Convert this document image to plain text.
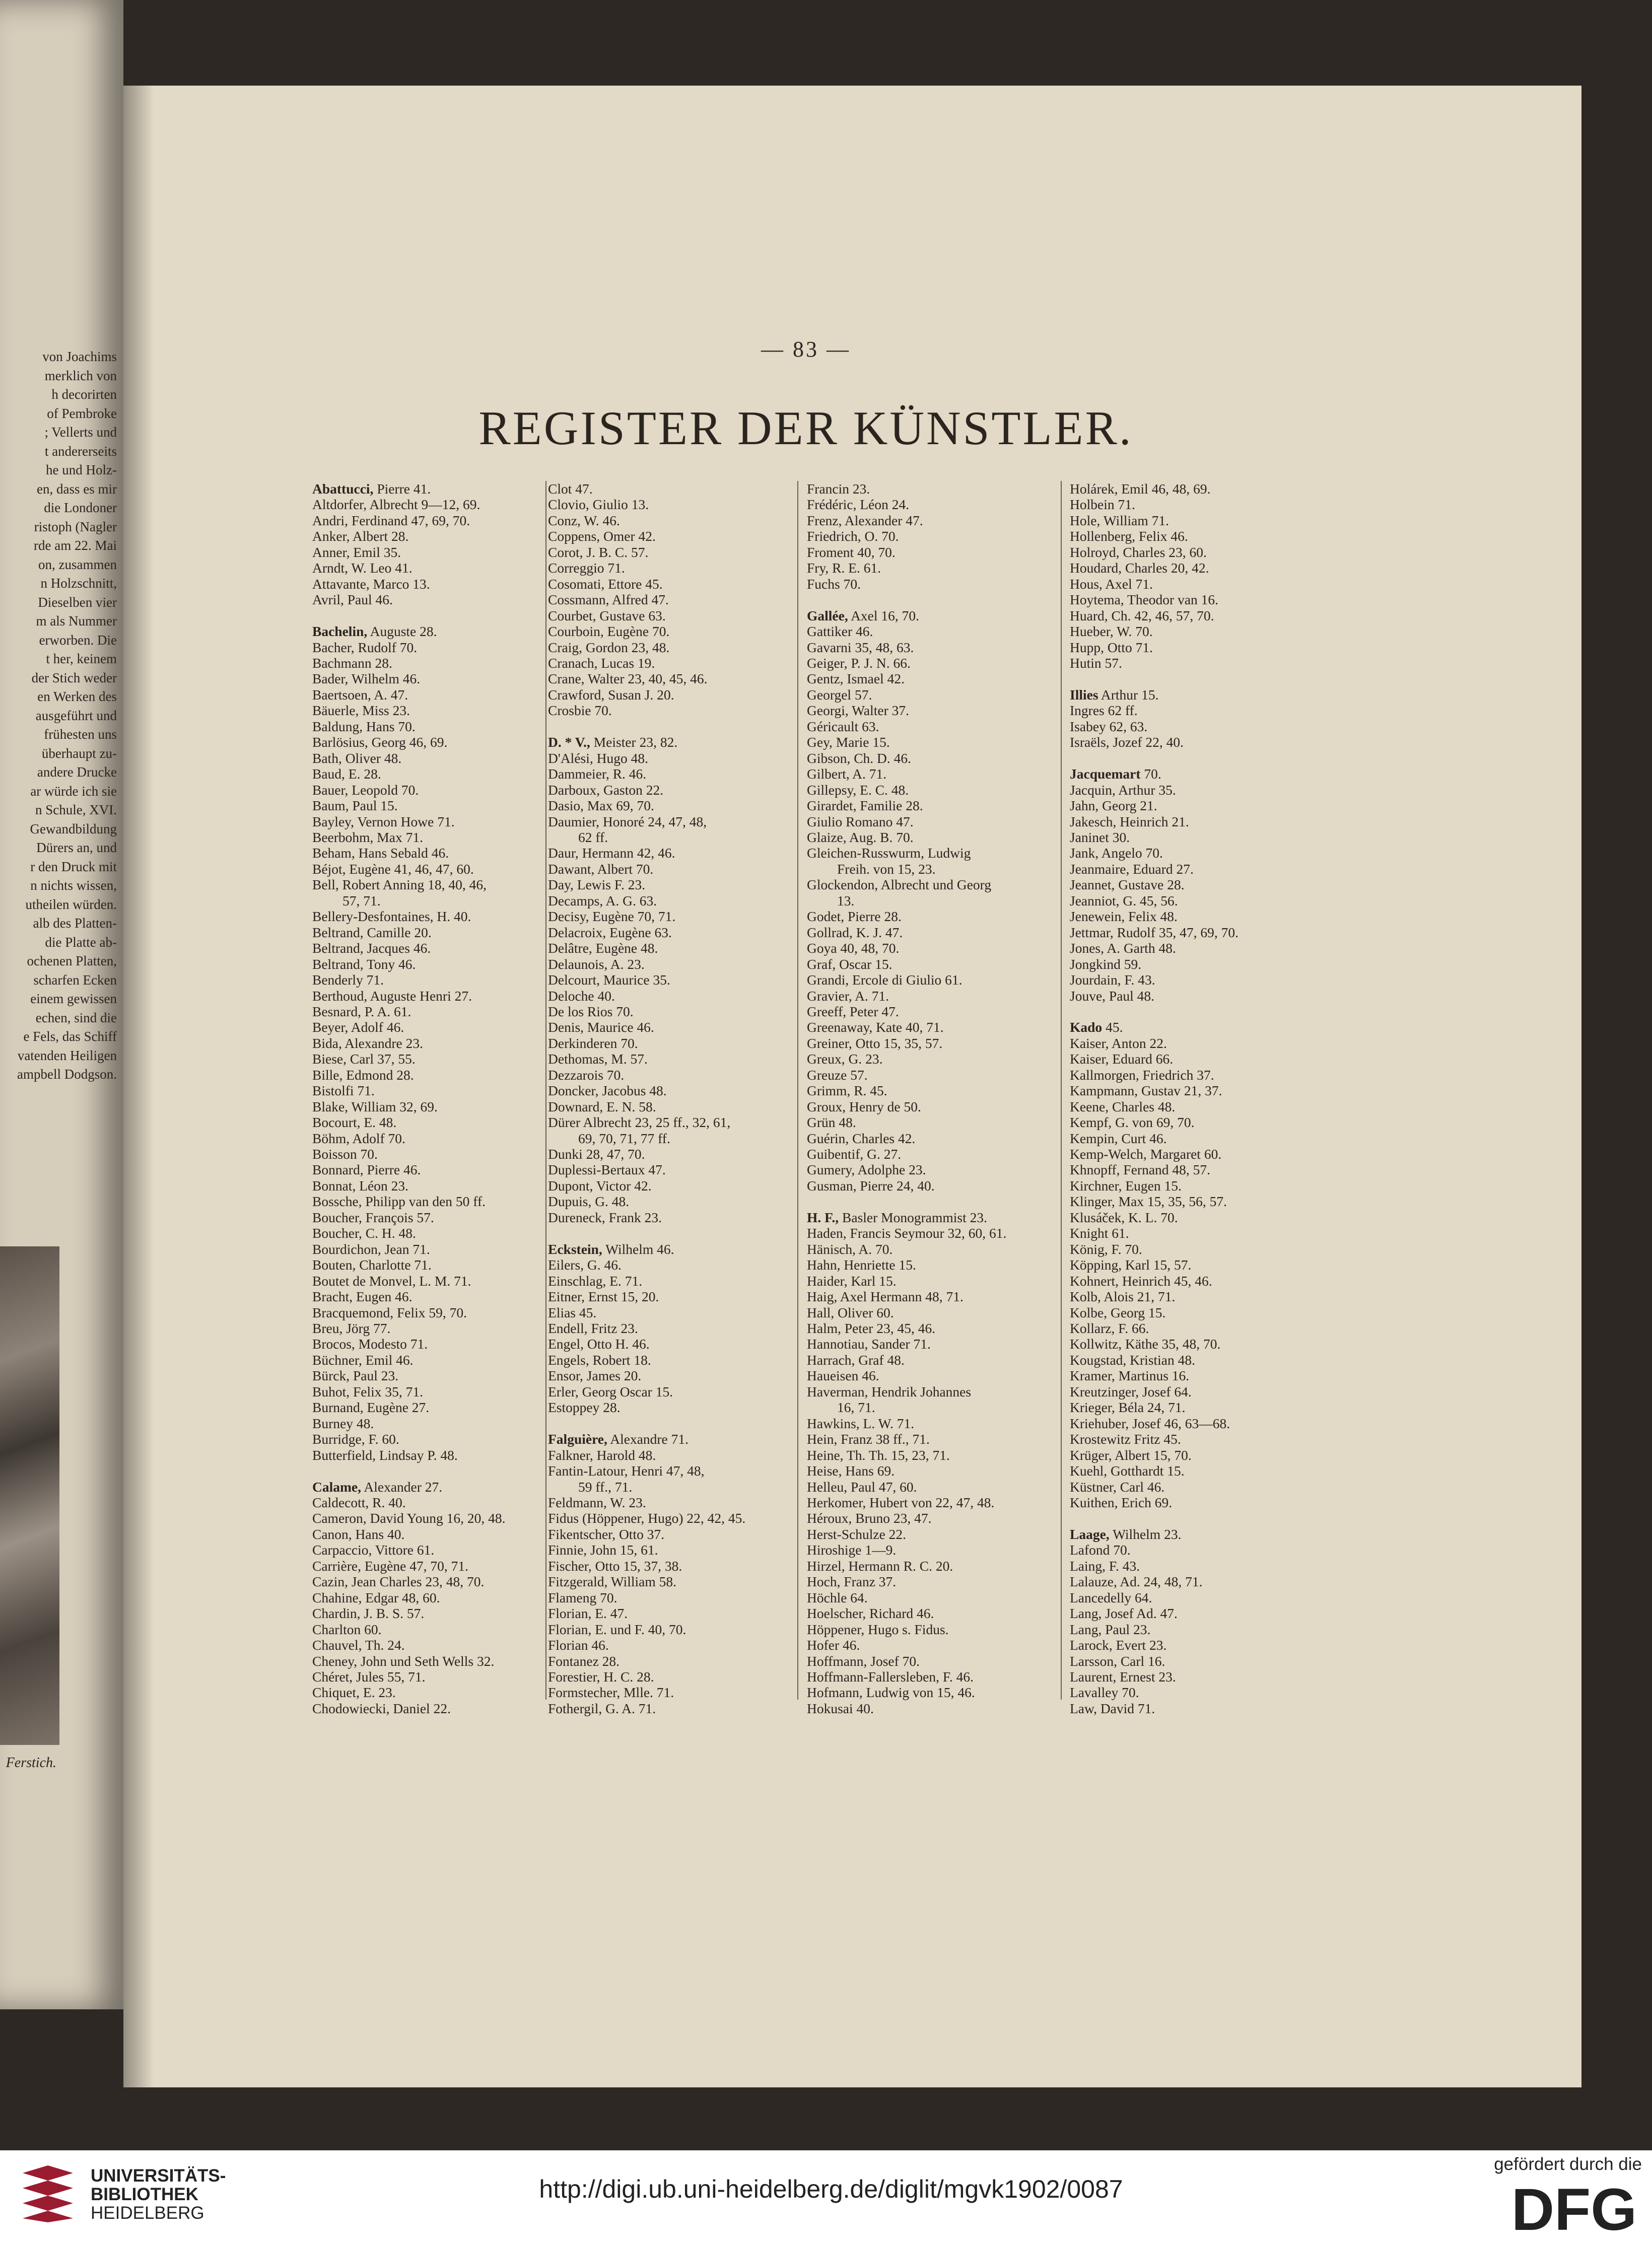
von Joachims
merklich von
h decorirten
of Pembroke
; Vellerts und
t andererseits
he und Holz-
en, dass es mir
die Londoner
ristoph (Nagler
rde am 22. Mai
on, zusammen
n Holzschnitt,
Dieselben vier
m als Nummer
erworben. Die
t her, keinem
der Stich weder
en Werken des
ausgeführt und
frühesten uns
überhaupt zu-
andere Drucke
ar würde ich sie
n Schule, XVI.
Gewandbildung
Dürers an, und
r den Druck mit
n nichts wissen,
utheilen würden.
alb des Platten-
die Platte ab-
ochenen Platten,
scharfen Ecken
einem gewissen
echen, sind die
e Fels, das Schiff
vatenden Heiligen
ampbell Dodgson.
Ferstich.
— 83 —
REGISTER DER KÜNSTLER.
Abattucci, Pierre 41.
Altdorfer, Albrecht 9—12, 69.
Andri, Ferdinand 47, 69, 70.
Anker, Albert 28.
Anner, Emil 35.
Arndt, W. Leo 41.
Attavante, Marco 13.
Avril, Paul 46.

Bachelin, Auguste 28.
Bacher, Rudolf 70.
Bachmann 28.
Bader, Wilhelm 46.
Baertsoen, A. 47.
Bäuerle, Miss 23.
Baldung, Hans 70.
Barlösius, Georg 46, 69.
Bath, Oliver 48.
Baud, E. 28.
Bauer, Leopold 70.
Baum, Paul 15.
Bayley, Vernon Howe 71.
Beerbohm, Max 71.
Beham, Hans Sebald 46.
Béjot, Eugène 41, 46, 47, 60.
Bell, Robert Anning 18, 40, 46,
57, 71.
Bellery-Desfontaines, H. 40.
Beltrand, Camille 20.
Beltrand, Jacques 46.
Beltrand, Tony 46.
Benderly 71.
Berthoud, Auguste Henri 27.
Besnard, P. A. 61.
Beyer, Adolf 46.
Bida, Alexandre 23.
Biese, Carl 37, 55.
Bille, Edmond 28.
Bistolfi 71.
Blake, William 32, 69.
Bocourt, E. 48.
Böhm, Adolf 70.
Boisson 70.
Bonnard, Pierre 46.
Bonnat, Léon 23.
Bossche, Philipp van den 50 ff.
Boucher, François 57.
Boucher, C. H. 48.
Bourdichon, Jean 71.
Bouten, Charlotte 71.
Boutet de Monvel, L. M. 71.
Bracht, Eugen 46.
Bracquemond, Felix 59, 70.
Breu, Jörg 77.
Brocos, Modesto 71.
Büchner, Emil 46.
Bürck, Paul 23.
Buhot, Felix 35, 71.
Burnand, Eugène 27.
Burney 48.
Burridge, F. 60.
Butterfield, Lindsay P. 48.

Calame, Alexander 27.
Caldecott, R. 40.
Cameron, David Young 16, 20, 48.
Canon, Hans 40.
Carpaccio, Vittore 61.
Carrière, Eugène 47, 70, 71.
Cazin, Jean Charles 23, 48, 70.
Chahine, Edgar 48, 60.
Chardin, J. B. S. 57.
Charlton 60.
Chauvel, Th. 24.
Cheney, John und Seth Wells 32.
Chéret, Jules 55, 71.
Chiquet, E. 23.
Chodowiecki, Daniel 22.
Clot 47.
Clovio, Giulio 13.
Conz, W. 46.
Coppens, Omer 42.
Corot, J. B. C. 57.
Correggio 71.
Cosomati, Ettore 45.
Cossmann, Alfred 47.
Courbet, Gustave 63.
Courboin, Eugène 70.
Craig, Gordon 23, 48.
Cranach, Lucas 19.
Crane, Walter 23, 40, 45, 46.
Crawford, Susan J. 20.
Crosbie 70.

D. * V., Meister 23, 82.
D'Alési, Hugo 48.
Dammeier, R. 46.
Darboux, Gaston 22.
Dasio, Max 69, 70.
Daumier, Honoré 24, 47, 48,
62 ff.
Daur, Hermann 42, 46.
Dawant, Albert 70.
Day, Lewis F. 23.
Decamps, A. G. 63.
Decisy, Eugène 70, 71.
Delacroix, Eugène 63.
Delâtre, Eugène 48.
Delaunois, A. 23.
Delcourt, Maurice 35.
Deloche 40.
De los Rios 70.
Denis, Maurice 46.
Derkinderen 70.
Dethomas, M. 57.
Dezzarois 70.
Doncker, Jacobus 48.
Downard, E. N. 58.
Dürer Albrecht 23, 25 ff., 32, 61,
69, 70, 71, 77 ff.
Dunki 28, 47, 70.
Duplessi-Bertaux 47.
Dupont, Victor 42.
Dupuis, G. 48.
Dureneck, Frank 23.

Eckstein, Wilhelm 46.
Eilers, G. 46.
Einschlag, E. 71.
Eitner, Ernst 15, 20.
Elias 45.
Endell, Fritz 23.
Engel, Otto H. 46.
Engels, Robert 18.
Ensor, James 20.
Erler, Georg Oscar 15.
Estoppey 28.

Falguière, Alexandre 71.
Falkner, Harold 48.
Fantin-Latour, Henri 47, 48,
59 ff., 71.
Feldmann, W. 23.
Fidus (Höppener, Hugo) 22, 42, 45.
Fikentscher, Otto 37.
Finnie, John 15, 61.
Fischer, Otto 15, 37, 38.
Fitzgerald, William 58.
Flameng 70.
Florian, E. 47.
Florian, E. und F. 40, 70.
Florian 46.
Fontanez 28.
Forestier, H. C. 28.
Formstecher, Mlle. 71.
Fothergil, G. A. 71.
Francin 23.
Frédéric, Léon 24.
Frenz, Alexander 47.
Friedrich, O. 70.
Froment 40, 70.
Fry, R. E. 61.
Fuchs 70.

Gallée, Axel 16, 70.
Gattiker 46.
Gavarni 35, 48, 63.
Geiger, P. J. N. 66.
Gentz, Ismael 42.
Georgel 57.
Georgi, Walter 37.
Géricault 63.
Gey, Marie 15.
Gibson, Ch. D. 46.
Gilbert, A. 71.
Gillepsy, E. C. 48.
Girardet, Familie 28.
Giulio Romano 47.
Glaize, Aug. B. 70.
Gleichen-Russwurm, Ludwig
Freih. von 15, 23.
Glockendon, Albrecht und Georg
13.
Godet, Pierre 28.
Gollrad, K. J. 47.
Goya 40, 48, 70.
Graf, Oscar 15.
Grandi, Ercole di Giulio 61.
Gravier, A. 71.
Greeff, Peter 47.
Greenaway, Kate 40, 71.
Greiner, Otto 15, 35, 57.
Greux, G. 23.
Greuze 57.
Grimm, R. 45.
Groux, Henry de 50.
Grün 48.
Guérin, Charles 42.
Guibentif, G. 27.
Gumery, Adolphe 23.
Gusman, Pierre 24, 40.

H. F., Basler Monogrammist 23.
Haden, Francis Seymour 32, 60, 61.
Hänisch, A. 70.
Hahn, Henriette 15.
Haider, Karl 15.
Haig, Axel Hermann 48, 71.
Hall, Oliver 60.
Halm, Peter 23, 45, 46.
Hannotiau, Sander 71.
Harrach, Graf 48.
Haueisen 46.
Haverman, Hendrik Johannes
16, 71.
Hawkins, L. W. 71.
Hein, Franz 38 ff., 71.
Heine, Th. Th. 15, 23, 71.
Heise, Hans 69.
Helleu, Paul 47, 60.
Herkomer, Hubert von 22, 47, 48.
Héroux, Bruno 23, 47.
Herst-Schulze 22.
Hiroshige 1—9.
Hirzel, Hermann R. C. 20.
Hoch, Franz 37.
Höchle 64.
Hoelscher, Richard 46.
Höppener, Hugo s. Fidus.
Hofer 46.
Hoffmann, Josef 70.
Hoffmann-Fallersleben, F. 46.
Hofmann, Ludwig von 15, 46.
Hokusai 40.
Holárek, Emil 46, 48, 69.
Holbein 71.
Hole, William 71.
Hollenberg, Felix 46.
Holroyd, Charles 23, 60.
Houdard, Charles 20, 42.
Hous, Axel 71.
Hoytema, Theodor van 16.
Huard, Ch. 42, 46, 57, 70.
Hueber, W. 70.
Hupp, Otto 71.
Hutin 57.

Illies Arthur 15.
Ingres 62 ff.
Isabey 62, 63.
Israëls, Jozef 22, 40.

Jacquemart 70.
Jacquin, Arthur 35.
Jahn, Georg 21.
Jakesch, Heinrich 21.
Janinet 30.
Jank, Angelo 70.
Jeanmaire, Eduard 27.
Jeannet, Gustave 28.
Jeanniot, G. 45, 56.
Jenewein, Felix 48.
Jettmar, Rudolf 35, 47, 69, 70.
Jones, A. Garth 48.
Jongkind 59.
Jourdain, F. 43.
Jouve, Paul 48.

Kado 45.
Kaiser, Anton 22.
Kaiser, Eduard 66.
Kallmorgen, Friedrich 37.
Kampmann, Gustav 21, 37.
Keene, Charles 48.
Kempf, G. von 69, 70.
Kempin, Curt 46.
Kemp-Welch, Margaret 60.
Khnopff, Fernand 48, 57.
Kirchner, Eugen 15.
Klinger, Max 15, 35, 56, 57.
Klusáček, K. L. 70.
Knight 61.
König, F. 70.
Köpping, Karl 15, 57.
Kohnert, Heinrich 45, 46.
Kolb, Alois 21, 71.
Kolbe, Georg 15.
Kollarz, F. 66.
Kollwitz, Käthe 35, 48, 70.
Kougstad, Kristian 48.
Kramer, Martinus 16.
Kreutzinger, Josef 64.
Krieger, Béla 24, 71.
Kriehuber, Josef 46, 63—68.
Krostewitz Fritz 45.
Krüger, Albert 15, 70.
Kuehl, Gotthardt 15.
Küstner, Carl 46.
Kuithen, Erich 69.

Laage, Wilhelm 23.
Lafond 70.
Laing, F. 43.
Lalauze, Ad. 24, 48, 71.
Lancedelly 64.
Lang, Josef Ad. 47.
Lang, Paul 23.
Larock, Evert 23.
Larsson, Carl 16.
Laurent, Ernest 23.
Lavalley 70.
Law, David 71.
UNIVERSITÄTS-
BIBLIOTHEK
HEIDELBERG
http://digi.ub.uni-heidelberg.de/diglit/mgvk1902/0087
gefördert durch die
DFG
